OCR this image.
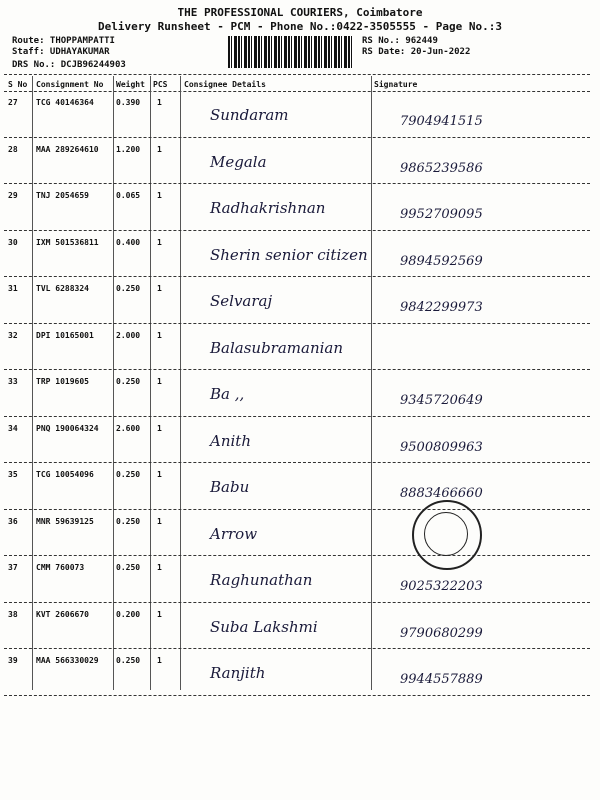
THE PROFESSIONAL COURIERS, Coimbatore
Delivery Runsheet - PCM - Phone No.:0422-3505555 - Page No.:3
Route: THOPPAMPATTI
Staff: UDHAYAKUMAR
DRS No.: DCJB96244903
RS No.: 962449
RS Date: 20-Jun-2022
S No Consignment No Weight PCS Consignee Details	Signature
27 TCG 40146364	0.390 1
Sundaram	7904941515
28 MAA 289264610 1.200 1
Megala	9865239586
29 TNJ 2054659	0.065 1
Radhakrishnan	9952709095
30 IXM 501536811 0.400 1
Sherin senior citizen 9894592569
31 TVL 6288324	0.250 1
Selvaraj	9842299973
32 DPI 10165001	2.000 1
Balasubramanian
33 TRP 1019605	0.250 1
Ba ,,	9345720649
34 PNQ 190064324 2.600 1
Anith	9500809963
35 TCG 10054096	0.250 1
Babu	8883466660
36 MNR 59639125	0.250 1
Arrow
37 CMM 760073	0.250 1
Raghunathan	9025322203
38 KVT 2606670	0.200 1
Suba Lakshmi	9790680299
39 MAA 566330029 0.250 1
Ranjith	9944557889
